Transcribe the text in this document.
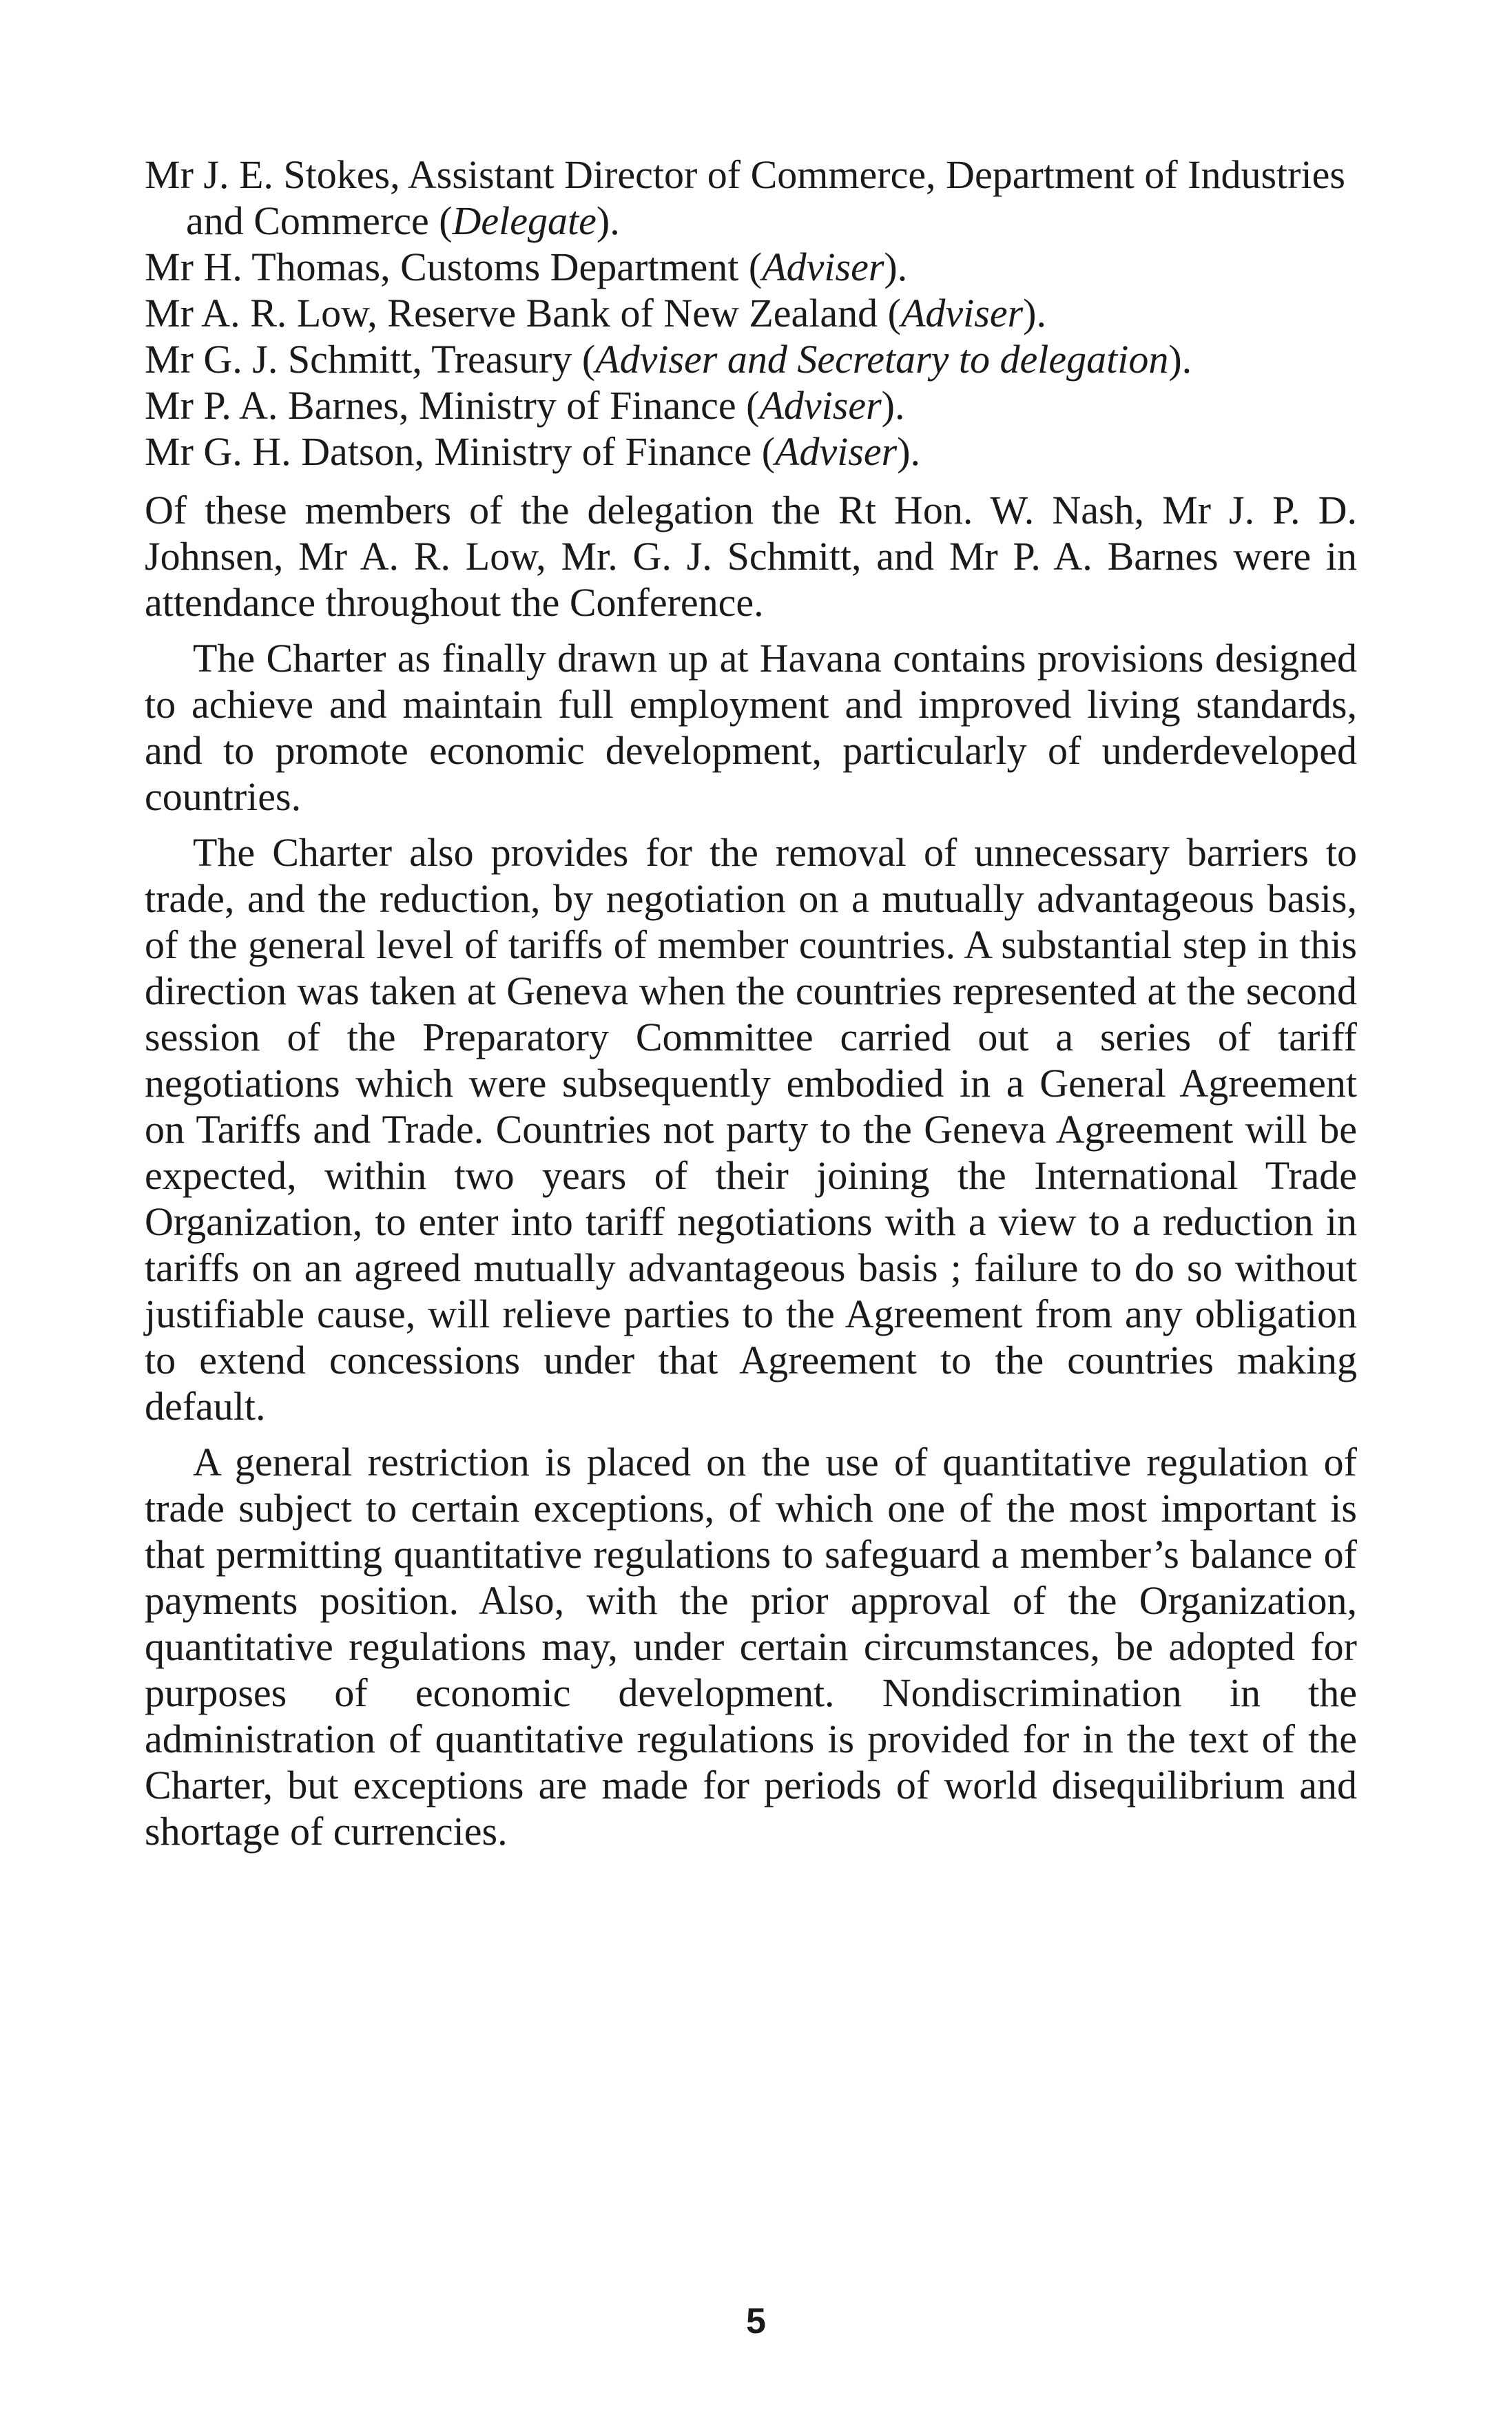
Mr J. E. Stokes, Assistant Director of Commerce, Department of Industries and Commerce (Delegate).

Mr H. Thomas, Customs Department (Adviser).

Mr A. R. Low, Reserve Bank of New Zealand (Adviser).

Mr G. J. Schmitt, Treasury (Adviser and Secretary to delegation).

Mr P. A. Barnes, Ministry of Finance (Adviser).

Mr G. H. Datson, Ministry of Finance (Adviser).

Of these members of the delegation the Rt Hon. W. Nash, Mr J. P. D. Johnsen, Mr A. R. Low, Mr. G. J. Schmitt, and Mr P. A. Barnes were in attendance throughout the Conference.

The Charter as finally drawn up at Havana contains provisions designed to achieve and maintain full employment and improved living standards, and to promote economic development, particularly of underdeveloped countries.

The Charter also provides for the removal of unnecessary barriers to trade, and the reduction, by negotiation on a mutually advantageous basis, of the general level of tariffs of member countries. A substantial step in this direction was taken at Geneva when the countries represented at the second session of the Preparatory Committee carried out a series of tariff negotiations which were subsequently embodied in a General Agreement on Tariffs and Trade. Countries not party to the Geneva Agreement will be expected, within two years of their joining the International Trade Organization, to enter into tariff negotiations with a view to a reduction in tariffs on an agreed mutually advantageous basis ; failure to do so without justifiable cause, will relieve parties to the Agreement from any obligation to extend concessions under that Agreement to the countries making default.

A general restriction is placed on the use of quantitative regulation of trade subject to certain exceptions, of which one of the most important is that permitting quantitative regulations to safeguard a member’s balance of payments position. Also, with the prior approval of the Organization, quantitative regulations may, under certain circumstances, be adopted for purposes of economic development. Nondiscrimination in the administration of quantitative regulations is provided for in the text of the Charter, but exceptions are made for periods of world disequilibrium and shortage of currencies.

5
